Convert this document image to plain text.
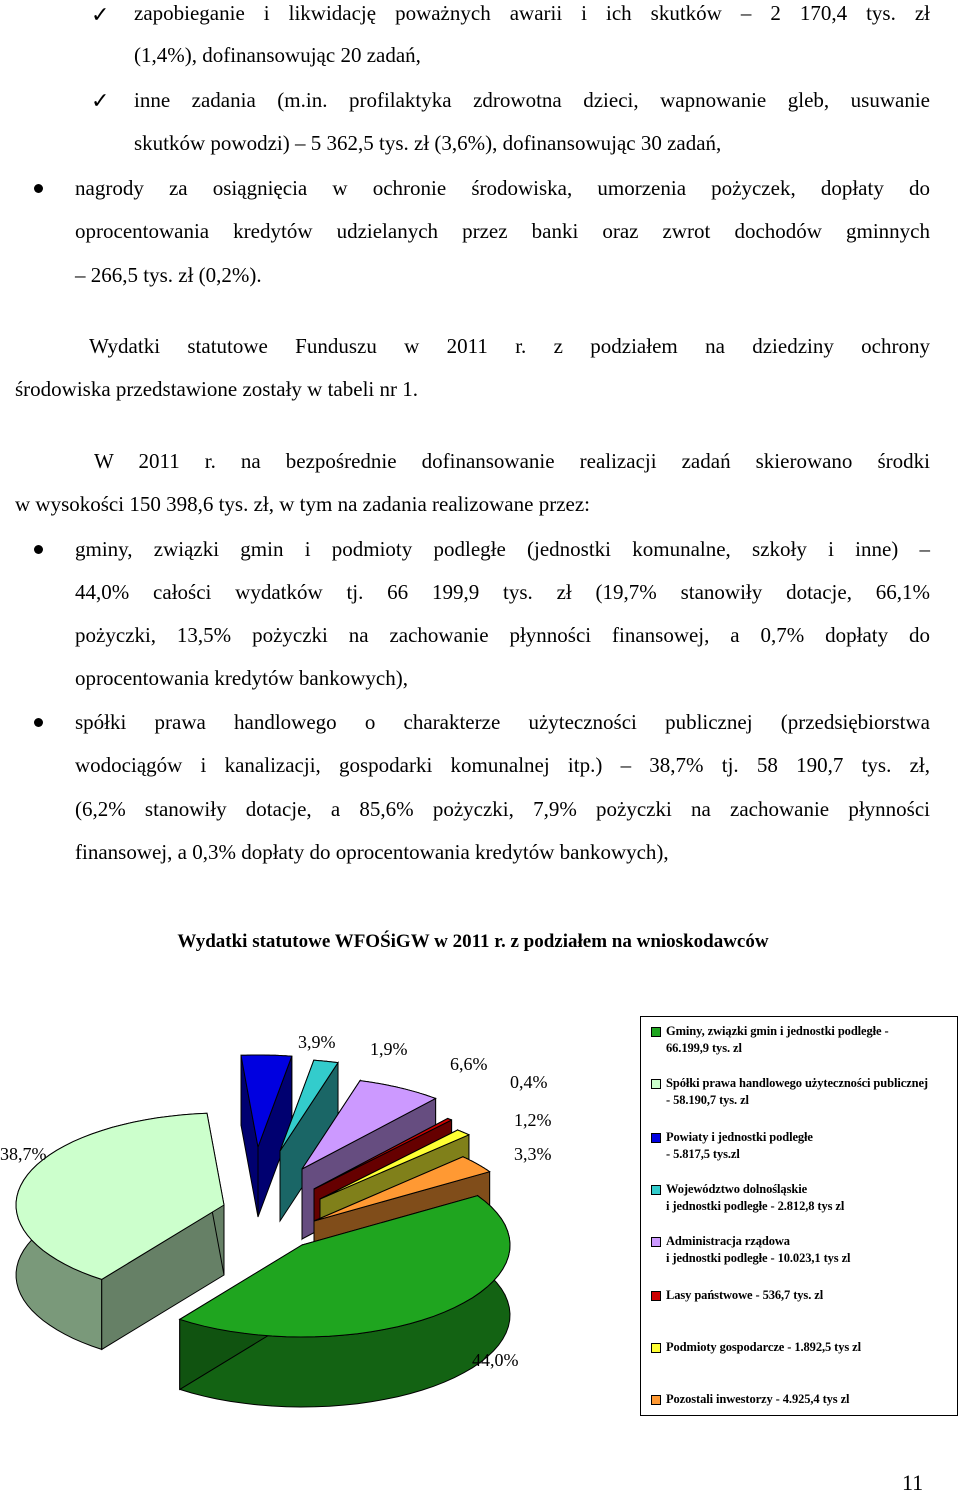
✓ zapobieganie i likwidację poważnych awarii i ich skutków – 2 170,4 tys. zł
(1,4%), dofinansowując 20 zadań,
✓ inne zadania (m.in. profilaktyka zdrowotna dzieci, wapnowanie gleb, usuwanie
skutków powodzi) – 5 362,5 tys. zł (3,6%), dofinansowując 30 zadań,
nagrody za osiągnięcia w ochronie środowiska, umorzenia pożyczek, dopłaty do
oprocentowania kredytów udzielanych przez banki oraz zwrot dochodów gminnych
– 266,5 tys. zł (0,2%).
Wydatki statutowe Funduszu w 2011 r. z podziałem na dziedziny ochrony
środowiska przedstawione zostały w tabeli nr 1.
W 2011 r. na bezpośrednie dofinansowanie realizacji zadań skierowano środki
w wysokości 150 398,6 tys. zł, w tym na zadania realizowane przez:
gminy, związki gmin i podmioty podległe (jednostki komunalne, szkoły i inne) –
44,0% całości wydatków tj. 66 199,9 tys. zł (19,7% stanowiły dotacje, 66,1%
pożyczki, 13,5% pożyczki na zachowanie płynności finansowej, a 0,7% dopłaty do
oprocentowania kredytów bankowych),
spółki prawa handlowego o charakterze użyteczności publicznej (przedsiębiorstwa
wodociągów i kanalizacji, gospodarki komunalnej itp.) – 38,7% tj. 58 190,7 tys. zł,
(6,2% stanowiły dotacje, a 85,6% pożyczki, 7,9% pożyczki na zachowanie płynności
finansowej, a 0,3% dopłaty do oprocentowania kredytów bankowych),
Wydatki statutowe WFOŚiGW w 2011 r. z podziałem na wnioskodawców
44,0%
38,7%
3,9% 1,9%
6,6%
0,4%
1,2%
3,3%
Gminy, związki gmin i jednostki podległe -
66.199,9 tys. zl
Spółki prawa handlowego użyteczności publicznej
- 58.190,7 tys. zl
Powiaty i jednostki podległe
- 5.817,5 tys.zl
Województwo dolnośląskie
i jednostki podległe - 2.812,8 tys zl
Administracja rządowa
i jednostki podległe - 10.023,1 tys zl
Lasy państwowe - 536,7 tys. zl
Podmioty gospodarcze - 1.892,5 tys zl
Pozostali inwestorzy - 4.925,4 tys zl
11
